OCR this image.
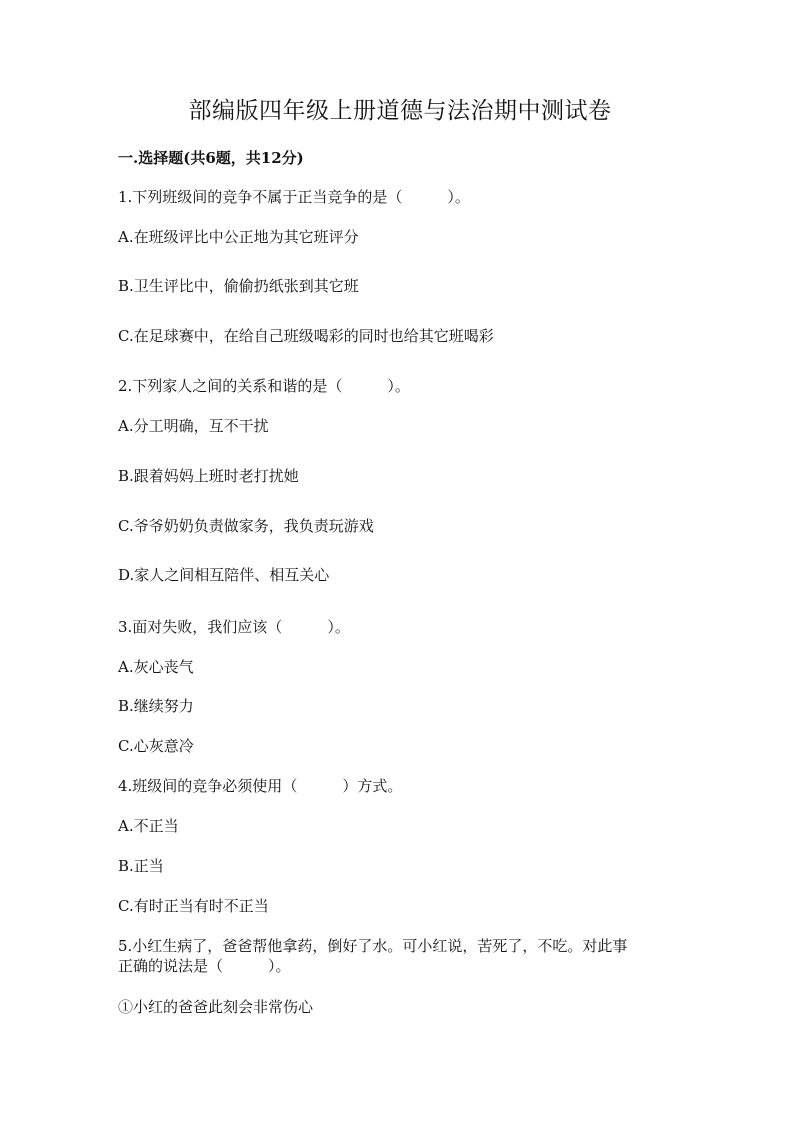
部编版四年级上册道德与法治期中测试卷
一.选择题(共6题，共12分)
1.下列班级间的竞争不属于正当竞争的是（　　　）。
A.在班级评比中公正地为其它班评分
B.卫生评比中，偷偷扔纸张到其它班
C.在足球赛中，在给自己班级喝彩的同时也给其它班喝彩
2.下列家人之间的关系和谐的是（　　　）。
A.分工明确，互不干扰
B.跟着妈妈上班时老打扰她
C.爷爷奶奶负责做家务，我负责玩游戏
D.家人之间相互陪伴、相互关心
3.面对失败，我们应该（　　　）。
A.灰心丧气
B.继续努力
C.心灰意冷
4.班级间的竞争必须使用（　　　）方式。
A.不正当
B.正当
C.有时正当有时不正当
5.小红生病了，爸爸帮他拿药，倒好了水。可小红说，苦死了，不吃。对此事
正确的说法是（　　　）。
①小红的爸爸此刻会非常伤心
